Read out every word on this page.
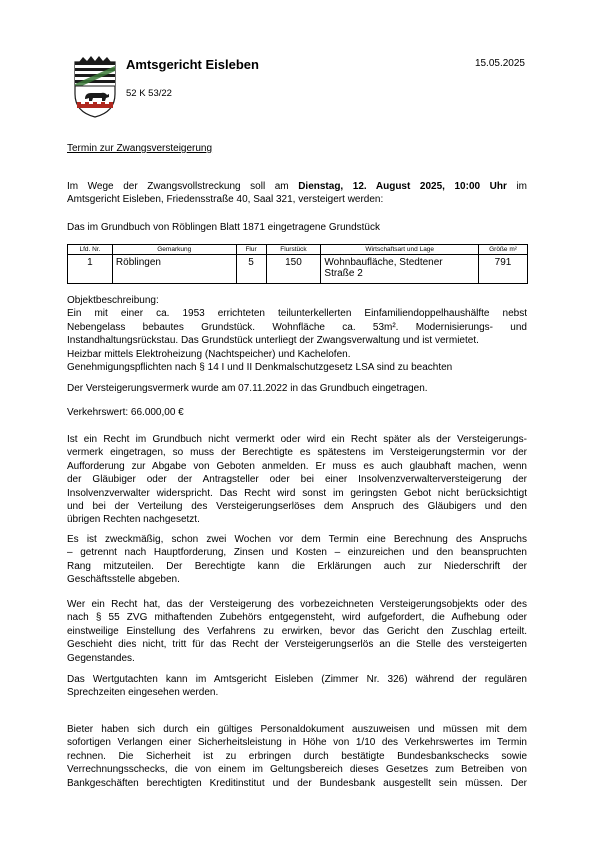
Amtsgericht Eisleben
52 K 53/22
15.05.2025
Termin zur Zwangsversteigerung
Im Wege der Zwangsvollstreckung soll am Dienstag, 12. August 2025, 10:00 Uhr im
Amtsgericht Eisleben, Friedensstraße 40, Saal 321, versteigert werden:
Das im Grundbuch von Röblingen Blatt 1871 eingetragene Grundstück
Lfd. Nr.	Gemarkung	Flur	Flurstück	Wirtschaftsart und Lage	Größe m²
1	Röblingen	5	150	Wohnbaufläche, Stedtener
Straße 2	791
Objektbeschreibung:
Ein mit einer ca. 1953 errichteten teilunterkellerten Einfamiliendoppelhaushälfte nebst
Nebengelass bebautes Grundstück. Wohnfläche ca. 53m². Modernisierungs- und
Instandhaltungsrückstau. Das Grundstück unterliegt der Zwangsverwaltung und ist vermietet.
Heizbar mittels Elektroheizung (Nachtspeicher) und Kachelofen.
Genehmigungspflichten nach § 14 I und II Denkmalschutzgesetz LSA sind zu beachten
Der Versteigerungsvermerk wurde am 07.11.2022 in das Grundbuch eingetragen.
Verkehrswert: 66.000,00 €
Ist ein Recht im Grundbuch nicht vermerkt oder wird ein Recht später als der Versteigerungs-
vermerk eingetragen, so muss der Berechtigte es spätestens im Versteigerungstermin vor der
Aufforderung zur Abgabe von Geboten anmelden. Er muss es auch glaubhaft machen, wenn
der Gläubiger oder der Antragsteller oder bei einer Insolvenzverwalterversteigerung der
Insolvenzverwalter widerspricht. Das Recht wird sonst im geringsten Gebot nicht berücksichtigt
und bei der Verteilung des Versteigerungserlöses dem Anspruch des Gläubigers und den
übrigen Rechten nachgesetzt.
Es ist zweckmäßig, schon zwei Wochen vor dem Termin eine Berechnung des Anspruchs
– getrennt nach Hauptforderung, Zinsen und Kosten – einzureichen und den beanspruchten
Rang mitzuteilen. Der Berechtigte kann die Erklärungen auch zur Niederschrift der
Geschäftsstelle abgeben.
Wer ein Recht hat, das der Versteigerung des vorbezeichneten Versteigerungsobjekts oder des
nach § 55 ZVG mithaftenden Zubehörs entgegensteht, wird aufgefordert, die Aufhebung oder
einstweilige Einstellung des Verfahrens zu erwirken, bevor das Gericht den Zuschlag erteilt.
Geschieht dies nicht, tritt für das Recht der Versteigerungserlös an die Stelle des versteigerten
Gegenstandes.
Das Wertgutachten kann im Amtsgericht Eisleben (Zimmer Nr. 326) während der regulären
Sprechzeiten eingesehen werden.
Bieter haben sich durch ein gültiges Personaldokument auszuweisen und müssen mit dem
sofortigen Verlangen einer Sicherheitsleistung in Höhe von 1/10 des Verkehrswertes im Termin
rechnen. Die Sicherheit ist zu erbringen durch bestätigte Bundesbankschecks sowie
Verrechnungsschecks, die von einem im Geltungsbereich dieses Gesetzes zum Betreiben von
Bankgeschäften berechtigten Kreditinstitut und der Bundesbank ausgestellt sein müssen. Der
